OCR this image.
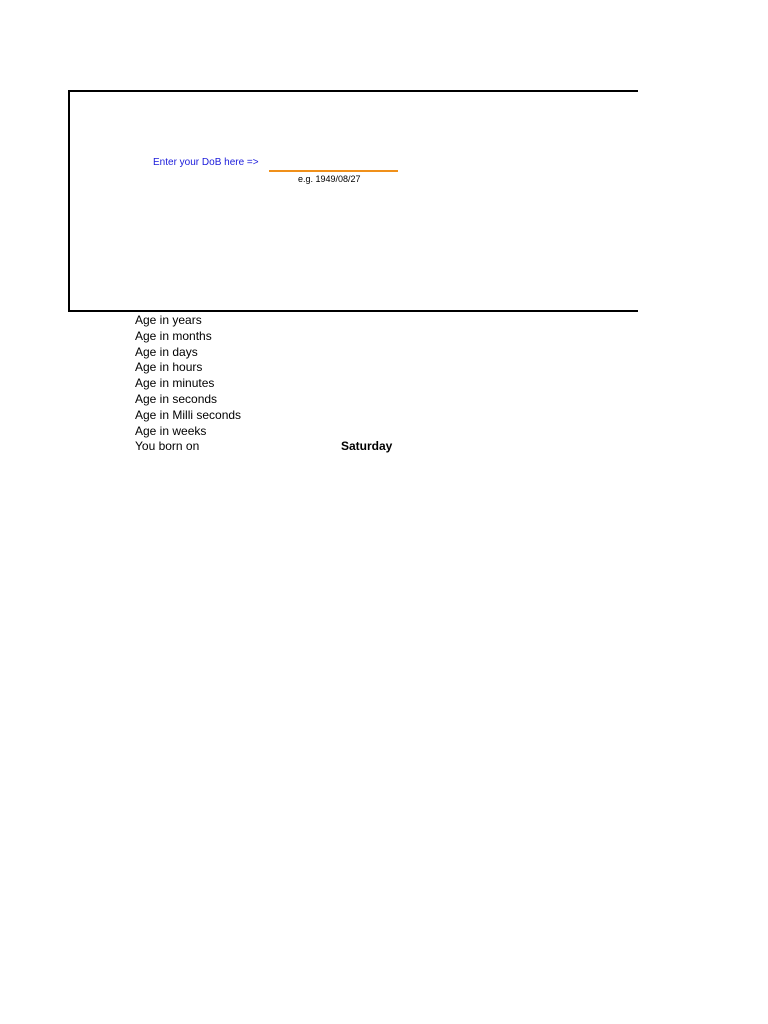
Enter your DoB here =>
e.g. 1949/08/27
Age in years
Age in months
Age in days
Age in hours
Age in minutes
Age in seconds
Age in Milli seconds
Age in weeks
You born on	Saturday
